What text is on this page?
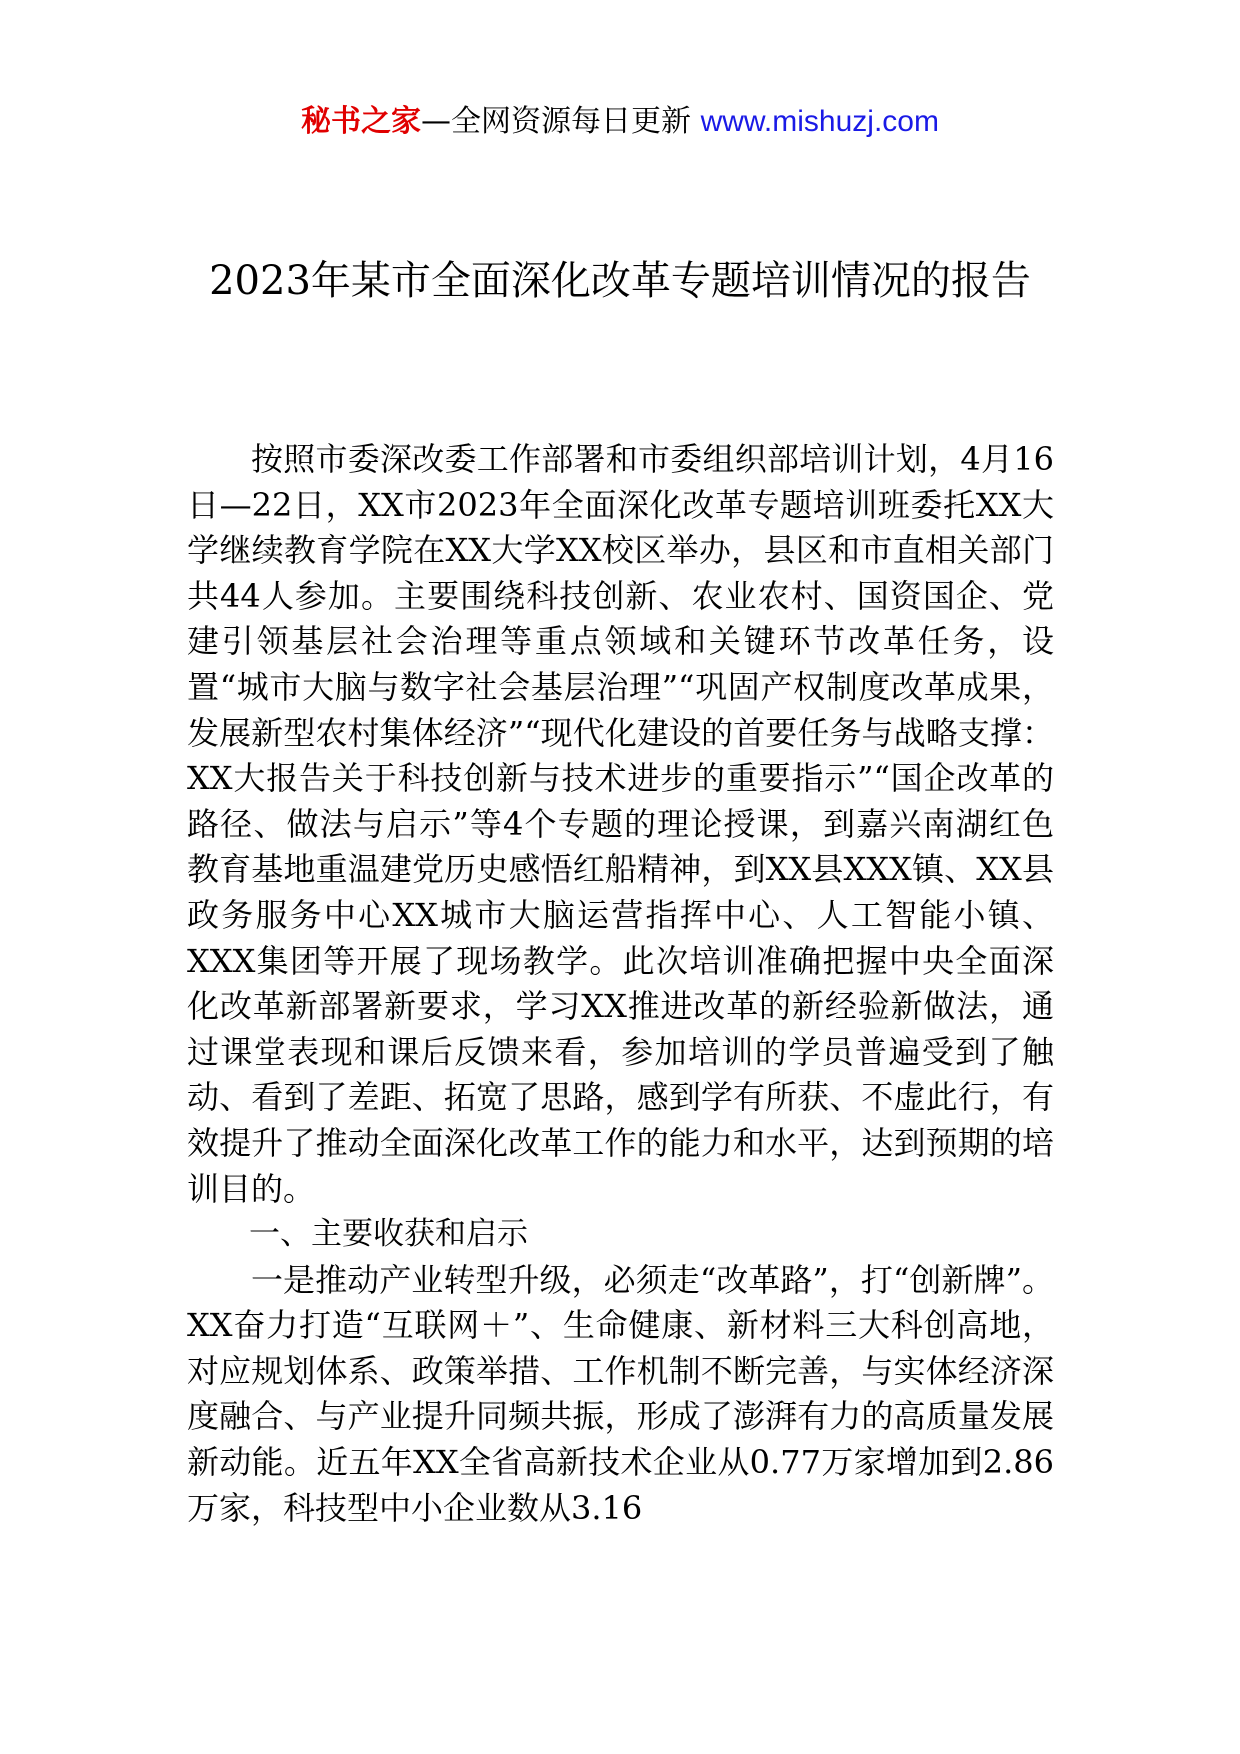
秘书之家—全网资源每日更新 www.mishuzj.com
2023年某市全面深化改革专题培训情况的报告

按照市委深改委工作部署和市委组织部培训计划，4月16日—22日，XX市2023年全面深化改革专题培训班委托XX大学继续教育学院在XX大学XX校区举办，县区和市直相关部门共44人参加。主要围绕科技创新、农业农村、国资国企、党建引领基层社会治理等重点领域和关键环节改革任务，设置“城市大脑与数字社会基层治理”“巩固产权制度改革成果，发展新型农村集体经济”“现代化建设的首要任务与战略支撑：XX大报告关于科技创新与技术进步的重要指示”“国企改革的路径、做法与启示”等4个专题的理论授课，到嘉兴南湖红色教育基地重温建党历史感悟红船精神，到XX县XXX镇、XX县政务服务中心XX城市大脑运营指挥中心、人工智能小镇、XXX集团等开展了现场教学。此次培训准确把握中央全面深化改革新部署新要求，学习XX推进改革的新经验新做法，通过课堂表现和课后反馈来看，参加培训的学员普遍受到了触动、看到了差距、拓宽了思路，感到学有所获、不虚此行，有效提升了推动全面深化改革工作的能力和水平，达到预期的培训目的。

一、主要收获和启示

一是推动产业转型升级，必须走“改革路”，打“创新牌”。XX奋力打造“互联网＋”、生命健康、新材料三大科创高地，对应规划体系、政策举措、工作机制不断完善，与实体经济深度融合、与产业提升同频共振，形成了澎湃有力的高质量发展新动能。近五年XX全省高新技术企业从0.77万家增加到2.86万家，科技型中小企业数从3.16
